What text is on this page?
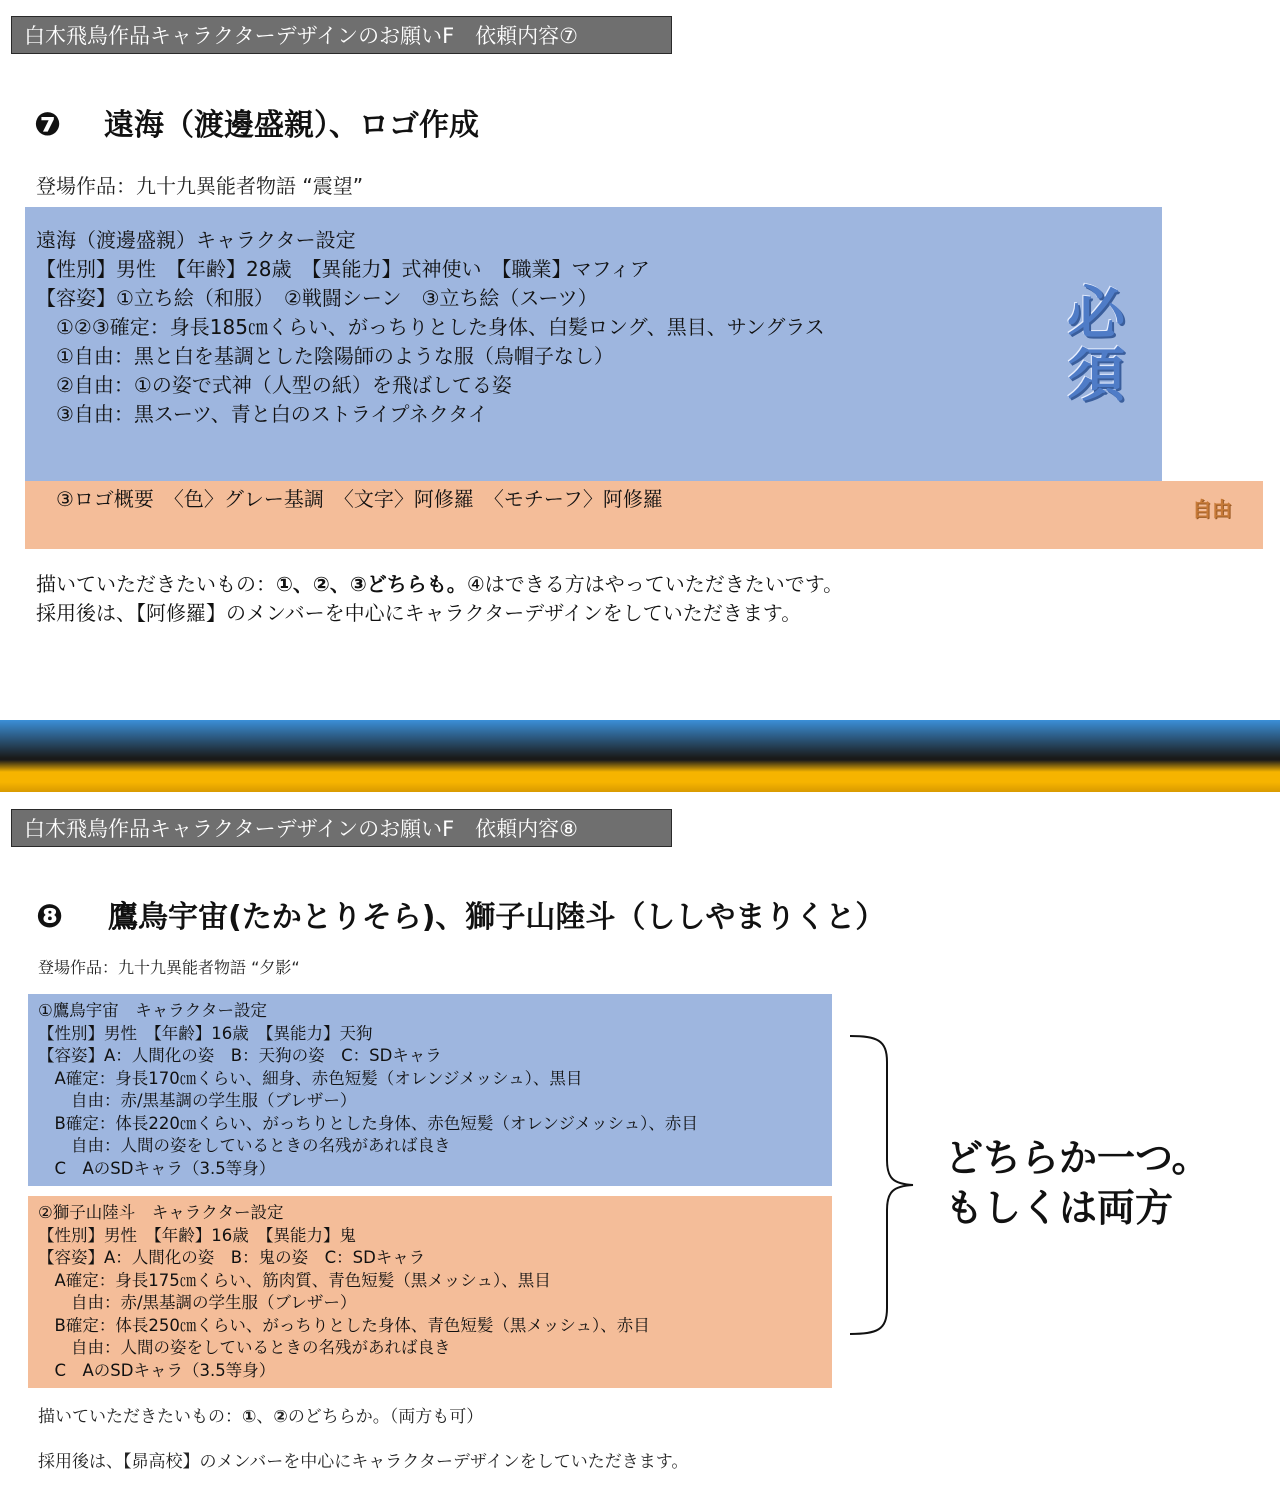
白木飛鳥作品キャラクターデザインのお願いF　依頼内容⑦
❼ 遠海（渡邊盛親）、ロゴ作成
登場作品：九十九異能者物語 “震望”
遠海（渡邊盛親）キャラクター設定
【性別】男性　【年齢】28歳　【異能力】式神使い　【職業】マフィア
【容姿】①立ち絵（和服）　②戦闘シーン　③立ち絵（スーツ）
　①②③確定：身長185㎝くらい、がっちりとした身体、白髪ロング、黒目、サングラス
　①自由：黒と白を基調とした陰陽師のような服（烏帽子なし）
　②自由：①の姿で式神（人型の紙）を飛ばしてる姿
　③自由：黒スーツ、青と白のストライプネクタイ
必
須
　③ロゴ概要　〈色〉グレー基調　〈文字〉阿修羅　〈モチーフ〉阿修羅	自由
描いていただきたいもの：①、②、③どちらも。④はできる方はやっていただきたいです。
採用後は、【阿修羅】のメンバーを中心にキャラクターデザインをしていただきます。
白木飛鳥作品キャラクターデザインのお願いF　依頼内容⑧
❽ 鷹鳥宇宙(たかとりそら)、獅子山陸斗（ししやまりくと）
登場作品：九十九異能者物語 “夕影“
①鷹鳥宇宙　キャラクター設定
【性別】男性　【年齢】16歳　【異能力】天狗
【容姿】A：人間化の姿　B：天狗の姿　C：SDキャラ
　A確定：身長170㎝くらい、細身、赤色短髪（オレンジメッシュ）、黒目
　　自由：赤/黒基調の学生服（ブレザー）
　B確定：体長220㎝くらい、がっちりとした身体、赤色短髪（オレンジメッシュ）、赤目
　　自由：人間の姿をしているときの名残があれば良き
　C　AのSDキャラ（3.5等身）
②獅子山陸斗　キャラクター設定
【性別】男性　【年齢】16歳　【異能力】鬼
【容姿】A：人間化の姿　B：鬼の姿　C：SDキャラ
　A確定：身長175㎝くらい、筋肉質、青色短髪（黒メッシュ）、黒目
　　自由：赤/黒基調の学生服（ブレザー）
　B確定：体長250㎝くらい、がっちりとした身体、青色短髪（黒メッシュ）、赤目
　　自由：人間の姿をしているときの名残があれば良き
　C　AのSDキャラ（3.5等身）
どちらか一つ。
もしくは両方
描いていただきたいもの：①、②のどちらか。（両方も可）
採用後は、【昴高校】のメンバーを中心にキャラクターデザインをしていただきます。
